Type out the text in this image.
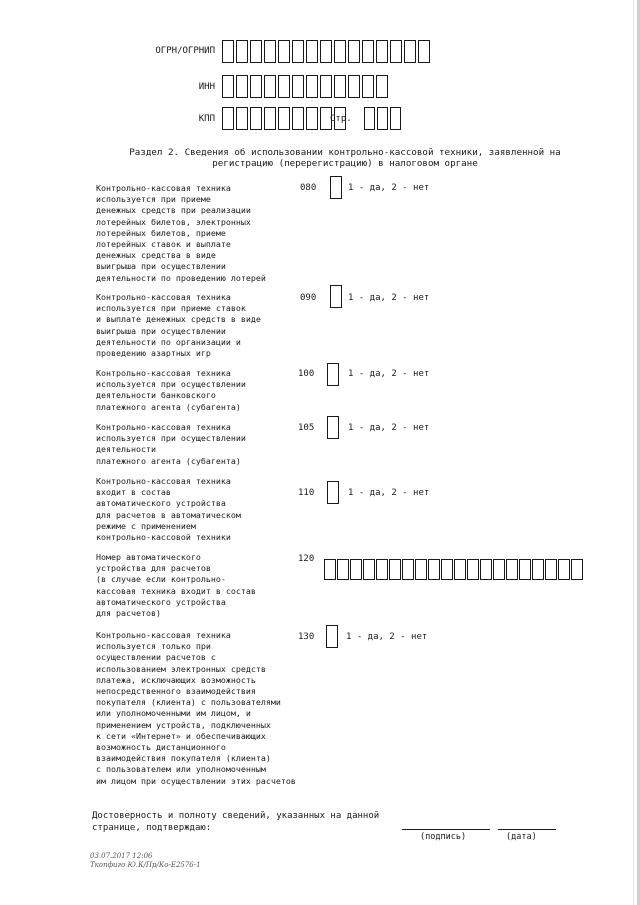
ОГРН/ОГРНИП
ИНН
КПП	Стр.
Раздел 2. Сведения об использовании контрольно-кассовой техники, заявленной на
регистрацию (перерегистрацию) в налоговом органе
Контрольно-кассовая техника
используется при приеме
денежных средств при реализации
лотерейных билетов, электронных
лотерейных билетов, приеме
лотерейных ставок и выплате
денежных средства в виде
выигрыша при осуществлении
деятельности по проведению лотерей
080	1 - да, 2 - нет
Контрольно-кассовая техника
используется при приеме ставок
и выплате денежных средств в виде
выигрыша при осуществлении
деятельности по организации и
проведению азартных игр
090	1 - да, 2 - нет
Контрольно-кассовая техника
используется при осуществлении
деятельности банковского
платежного агента (субагента)
100	1 - да, 2 - нет
Контрольно-кассовая техника
используется при осуществлении
деятельности
платежного агента (субагента)
105	1 - да, 2 - нет
Контрольно-кассовая техника
входит в состав
автоматического устройства
для расчетов в автоматическом
режиме с применением
контрольно-кассовой техники
110	1 - да, 2 - нет
Номер автоматического
устройства для расчетов
(в случае если контрольно-
кассовая техника входит в состав
автоматического устройства
для расчетов)
120
Контрольно-кассовая техника
используется только при
осуществлении расчетов с
использованием электронных средств
платежа, исключающих возможность
непосредственного взаимодействия
покупателя (клиента) с пользователями
или уполномоченными им лицом, и
применением устройств, подключенных
к сети «Интернет» и обеспечивающих
возможность дистанционного
взаимодействия покупателя (клиента)
с пользователем или уполномоченным
им лицом при осуществлении этих расчетов
130	1 - да, 2 - нет
Достоверность и полноту сведений, указанных на данной
странице, подтверждаю:
(подпись)	(дата)
03.07.2017 12:06
Ткопфиго Ю.К/Пр/Ко-Е2576-1
